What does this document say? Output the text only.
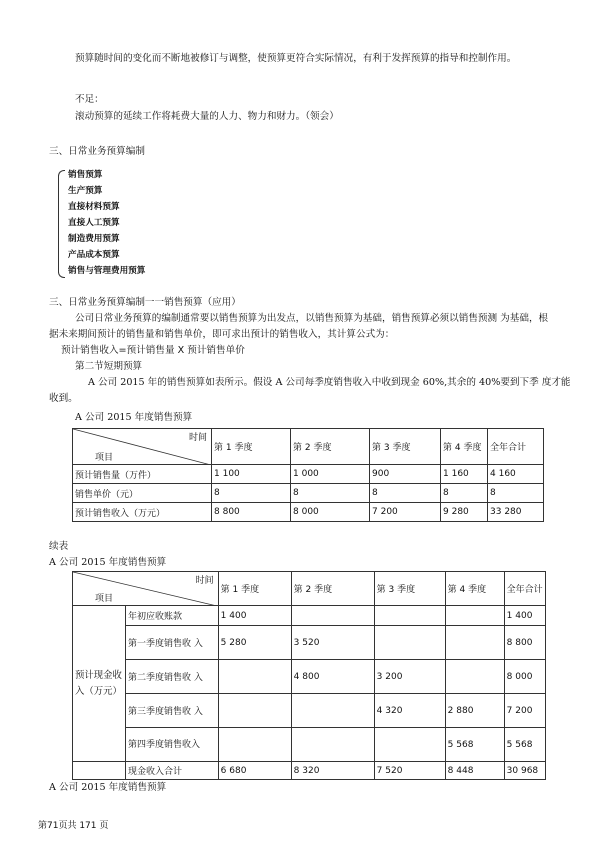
预算随时间的变化而不断地被修订与调整，使预算更符合实际情况，有利于发挥预算的指导和控制作用。
不足：
滚动预算的延续工作将耗费大量的人力、物力和财力。（领会）
三、日常业务预算编制
销售预算
生产预算
直接材料预算
直接人工预算
制造费用预算
产品成本预算
销售与管理费用预算
三、日常业务预算编制一一销售预算（应用）
公司日常业务预算的编制通常要以销售预算为出发点，以销售预算为基础，销售预算必须以销售预测 为基础，根
据未来期间预计的销售量和销售单价，即可求出预计的销售收入，其计算公式为：
预计销售收入=预计销售量 X 预计销售单价
第二节短期预算
A 公司 2015 年的销售预算如表所示。假设 A 公司每季度销售收入中收到现金 60%,其余的 40%要到下季 度才能
收到。
A 公司 2015 年度销售预算
时间
项目	第 1 季度	第 2 季度	第 3 季度	第 4 季度	全年合计
预计销售量（万件）	1 100	1 000	900	1 160	4 160
销售单价（元）	8	8	8	8	8
预计销售收入（万元）	8 800	8 000	7 200	9 280	33 280
续表
A 公司 2015 年度销售预算
时间
项目		第 1 季度	第 2 季度	第 3 季度	第 4 季度	全年合计
预计现金收入（万元）	年初应收账款	1 400				1 400
	第一季度销售收 入	5 280	3 520			8 800
	第二季度销售收 入		4 800	3 200		8 000
	第三季度销售收 入			4 320	2 880	7 200
	第四季度销售收入				5 568	5 568
	现金收入合计	6 680	8 320	7 520	8 448	30 968
A 公司 2015 年度销售预算
第71页共 171 页
